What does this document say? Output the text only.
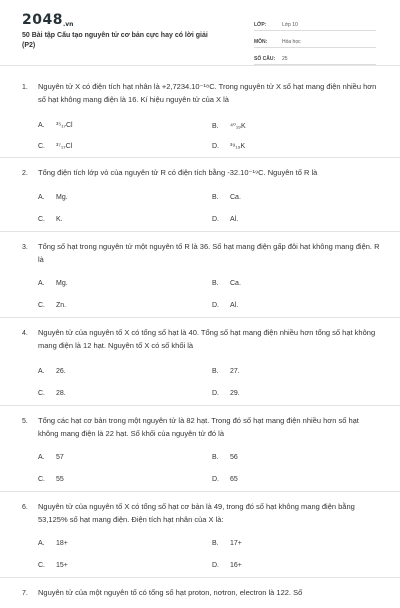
2048.vn
50 Bài tập Cấu tạo nguyên tử cơ bản cực hay có lời giải (P2)
LỚP:	Lớp 10
MÔN:	Hóa học
SỐ CÂU:	25
1. Nguyên tử X có điện tích hạt nhân là +2,7234.10⁻¹⁸C. Trong nguyên tử X số hạt mang điện nhiều hơn số hạt không mang điện là 16. Kí hiệu nguyên tử của X là
A.	³⁵₁₇Cl	B.	⁴⁰₁₉K
C.	³⁷₁₇Cl	D.	³⁹₁₉K
2. Tổng điện tích lớp vỏ của nguyên tử R có điện tích bằng -32.10⁻¹⁹C. Nguyên tố R là
A.	Mg.	B.	Ca.
C.	K.	D.	Al.
3. Tổng số hạt trong nguyên tử một nguyên tố R là 36. Số hạt mang điện gấp đôi hạt không mang điện. R là
A.	Mg.	B.	Ca.
C.	Zn.	D.	Al.
4. Nguyên tử của nguyên tố X có tổng số hạt là 40. Tổng số hạt mang điện nhiều hơn tổng số hạt không mang điện là 12 hạt. Nguyên tố X có số khối là
A.	26.	B.	27.
C.	28.	D.	29.
5. Tổng các hạt cơ bản trong một nguyên tử là 82 hạt. Trong đó số hạt mang điện nhiều hơn số hạt không mang điện là 22 hạt. Số khối của nguyên tử đó là
A.	57	B.	56
C.	55	D.	65
6. Nguyên tử của nguyên tố X có tổng số hạt cơ bản là 49, trong đó số hạt không mang điện bằng 53,125% số hạt mang điện. Điện tích hạt nhân của X là:
A.	18+	B.	17+
C.	15+	D.	16+
7. Nguyên tử của một nguyên tố có tổng số hạt proton, nơtron, electron là 122. Số
